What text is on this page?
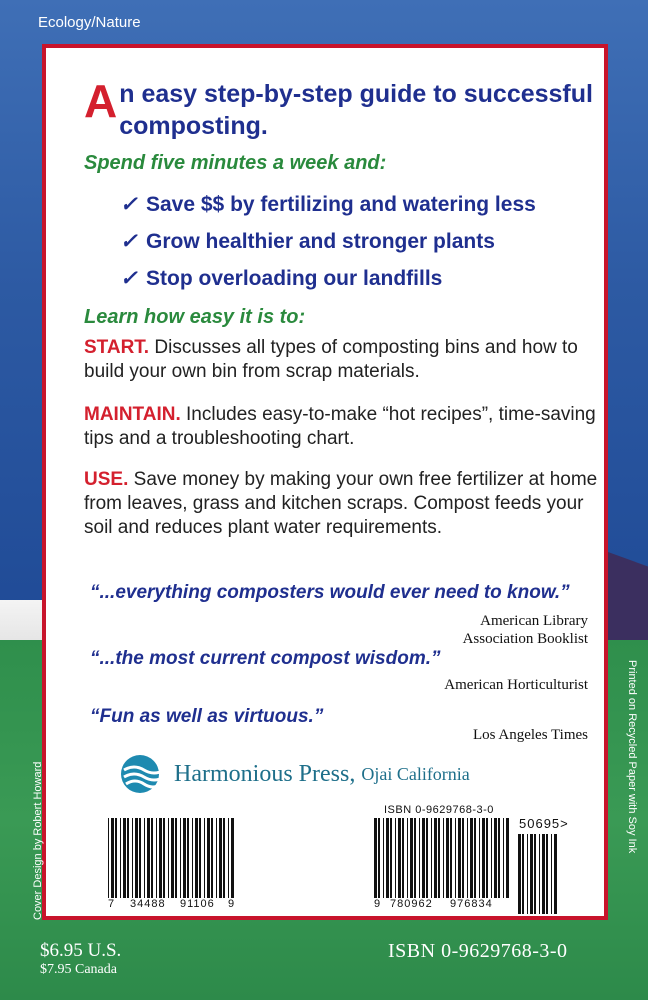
Ecology/Nature
An easy step-by-step guide to successful composting.
Spend five minutes a week and:
✓ Save $$ by fertilizing and watering less
✓ Grow healthier and stronger plants
✓ Stop overloading our landfills
Learn how easy it is to:
START. Discusses all types of composting bins and how to build your own bin from scrap materials.
MAINTAIN. Includes easy-to-make “hot recipes”, time-saving tips and a troubleshooting chart.
USE. Save money by making your own free fertilizer at home from leaves, grass and kitchen scraps. Compost feeds your soil and reduces plant water requirements.
“...everything composters would ever need to know.”
American Library
Association Booklist
“...the most current compost wisdom.”
American Horticulturist
“Fun as well as virtuous.”
Los Angeles Times
Harmonious Press, Ojai California
7 34488 91106 9
ISBN 0-9629768-3-0
9 780962 976834
50695>
$6.95 U.S.
$7.95 Canada
ISBN 0-9629768-3-0
Cover Design by Robert Howard	Printed on Recycled Paper with Soy Ink
